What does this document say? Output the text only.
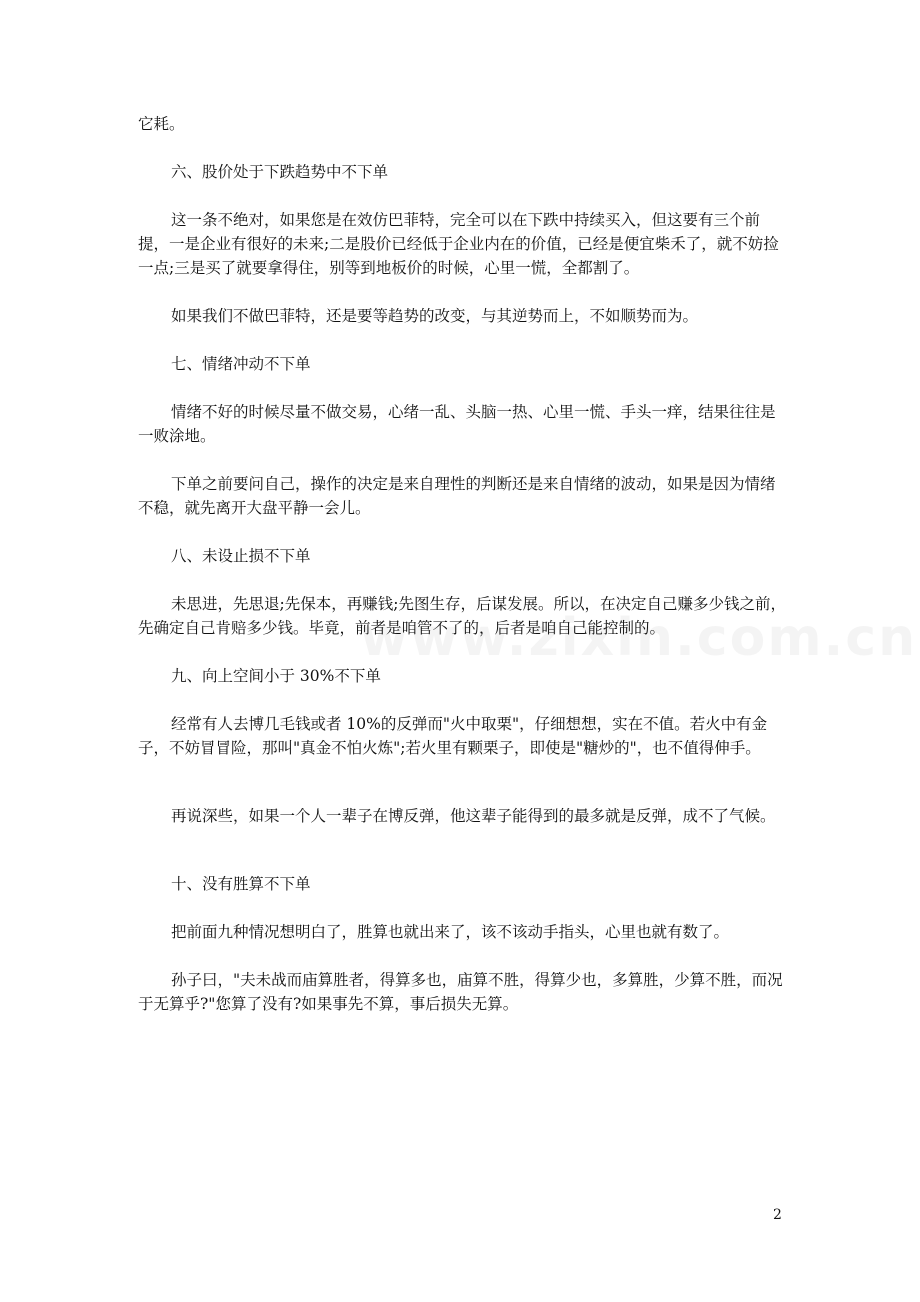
它耗。

六、股价处于下跌趋势中不下单

这一条不绝对，如果您是在效仿巴菲特，完全可以在下跌中持续买入，但这要有三个前提，一是企业有很好的未来;二是股价已经低于企业内在的价值，已经是便宜柴禾了，就不妨捡一点;三是买了就要拿得住，别等到地板价的时候，心里一慌，全都割了。

如果我们不做巴菲特，还是要等趋势的改变，与其逆势而上，不如顺势而为。

七、情绪冲动不下单

情绪不好的时候尽量不做交易，心绪一乱、头脑一热、心里一慌、手头一痒，结果往往是一败涂地。

下单之前要问自己，操作的决定是来自理性的判断还是来自情绪的波动，如果是因为情绪不稳，就先离开大盘平静一会儿。

八、未设止损不下单

未思进，先思退;先保本，再赚钱;先图生存，后谋发展。所以，在决定自己赚多少钱之前，先确定自己肯赔多少钱。毕竟，前者是咱管不了的，后者是咱自己能控制的。

九、向上空间小于 30%不下单

经常有人去博几毛钱或者 10%的反弹而"火中取栗"，仔细想想，实在不值。若火中有金子，不妨冒冒险，那叫"真金不怕火炼";若火里有颗栗子，即使是"糖炒的"，也不值得伸手。

再说深些，如果一个人一辈子在博反弹，他这辈子能得到的最多就是反弹，成不了气候。

十、没有胜算不下单

把前面九种情况想明白了，胜算也就出来了，该不该动手指头，心里也就有数了。

孙子曰，"夫未战而庙算胜者，得算多也，庙算不胜，得算少也，多算胜，少算不胜，而况于无算乎?"您算了没有?如果事先不算，事后损失无算。

2
